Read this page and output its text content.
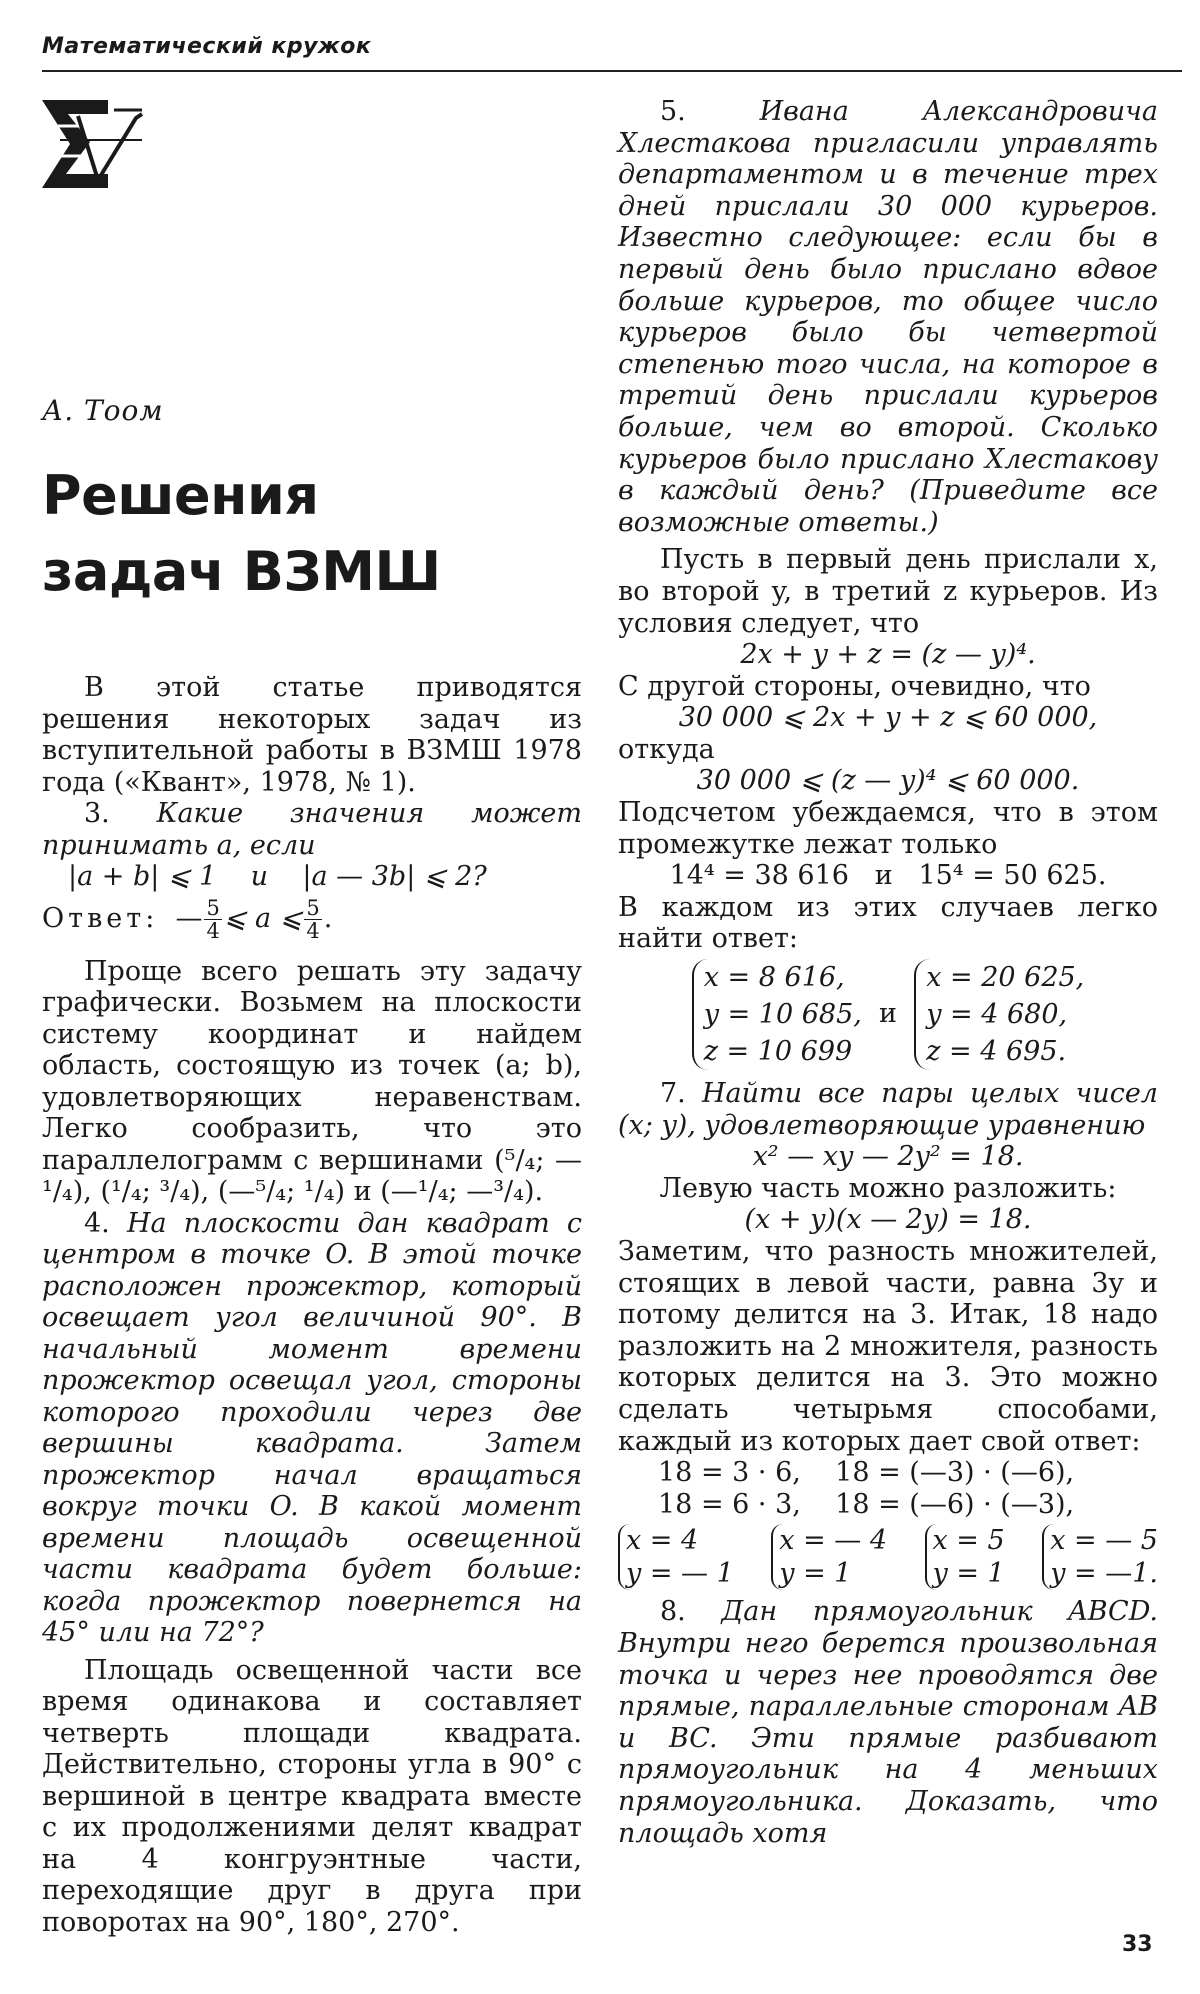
Математический кружок
А. Тоом
Решения
задач ВЗМШ

В этой статье приводятся решения некоторых задач из вступительной работы в ВЗМШ 1978 года («Квант», 1978, № 1).

3. Какие значения может принимать a, если

|a + b| ⩽ 1    и    |a — 3b| ⩽ 2?

Ответ: — $\frac{5}{4}$ ⩽ a ⩽ $\frac{5}{4}$ .

Проще всего решать эту задачу графически. Возьмем на плоскости систему координат и найдем область, состоящую из точек (a; b), удовлетворяющих неравенствам. Легко сообразить, что это параллелограмм с вершинами (⁵/₄; —¹/₄), (¹/₄; ³/₄), (—⁵/₄; ¹/₄) и (—¹/₄; —³/₄).

4. На плоскости дан квадрат с центром в точке O. В этой точке расположен прожектор, который освещает угол величиной 90°. В начальный момент времени прожектор освещал угол, стороны которого проходили через две вершины квадрата. Затем прожектор начал вращаться вокруг точки O. В какой момент времени площадь освещенной части квадрата будет больше: когда прожектор повернется на 45° или на 72°?

Площадь освещенной части все время одинакова и составляет четверть площади квадрата. Действительно, стороны угла в 90° с вершиной в центре квадрата вместе с их продолжениями делят квадрат на 4 конгруэнтные части, переходящие друг в друга при поворотах на 90°, 180°, 270°.

5.	Ивана Александровича Хлестакова пригласили управлять департаментом и в течение трех дней прислали 30 000 курьеров. Известно следующее: если бы в первый день было прислано вдвое больше курьеров, то общее число курьеров было бы четвертой степенью того числа, на которое в третий день прислали курьеров больше, чем во второй. Сколько курьеров было прислано Хлестакову в каждый день? (Приведите все возможные ответы.)

Пусть в первый день прислали x, во второй y, в третий z курьеров. Из условия следует, что

2x + y + z = (z — y)⁴.

С другой стороны, очевидно, что

30 000 ⩽ 2x + y + z ⩽ 60 000,

откуда

30 000 ⩽ (z — y)⁴ ⩽ 60 000.

Подсчетом убеждаемся, что в этом промежутке лежат только

14⁴ = 38 616   и   15⁴ = 50 625.

В каждом из этих случаев легко найти ответ:

x = 8 616,
y = 10 685,
z = 10 699
и
x = 20 625,
y = 4 680,
z = 4 695.

7. Найти все пары целых чисел (x; y), удовлетворяющие уравнению

x² — xy — 2y² = 18.

Левую часть можно разложить:

(x + y)(x — 2y) = 18.

Заметим, что разность множителей, стоящих в левой части, равна 3y и потому делится на 3. Итак, 18 надо разложить на 2 множителя, разность которых делится на 3. Это можно сделать четырьмя способами, каждый из которых дает свой ответ:

18 = 3 · 6,    18 = (—3) · (—6),

18 = 6 · 3,    18 = (—6) · (—3),

x = 4
y = — 1
x = — 4
y = 1
x = 5
y = 1
x = — 5
y = —1.

8. Дан прямоугольник ABCD. Внутри него берется произвольная точка и через нее проводятся две прямые, параллельные сторонам AB и BC. Эти прямые разбивают прямоугольник на 4 меньших прямоугольника. Доказать, что площадь хотя

33
